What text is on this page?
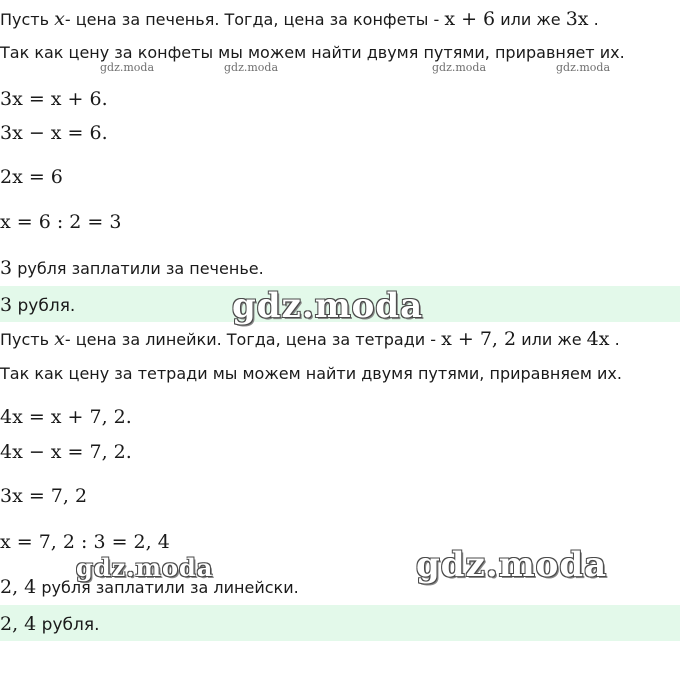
Пусть x- цена за печенья. Тогда, цена за конфеты - x + 6 или же 3x .
Так как цену за конфеты мы можем найти двумя путями, приравняет их.
3x = x + 6.
3x − x = 6.
2x = 6
x = 6 : 2 = 3
3 рубля заплатили за печенье.
3 рубля.
Пусть x- цена за линейки. Тогда, цена за тетради - x + 7, 2 или же 4x .
Так как цену за тетради мы можем найти двумя путями, приравняем их.
4x = x + 7, 2.
4x − x = 7, 2.
3x = 7, 2
x = 7, 2 : 3 = 2, 4
2, 4 рубля заплатили за линейски.
2, 4 рубля.
gdz.moda	gdz.moda	gdz.moda	gdz.moda
gdz.moda
gdz.moda
gdz.moda
